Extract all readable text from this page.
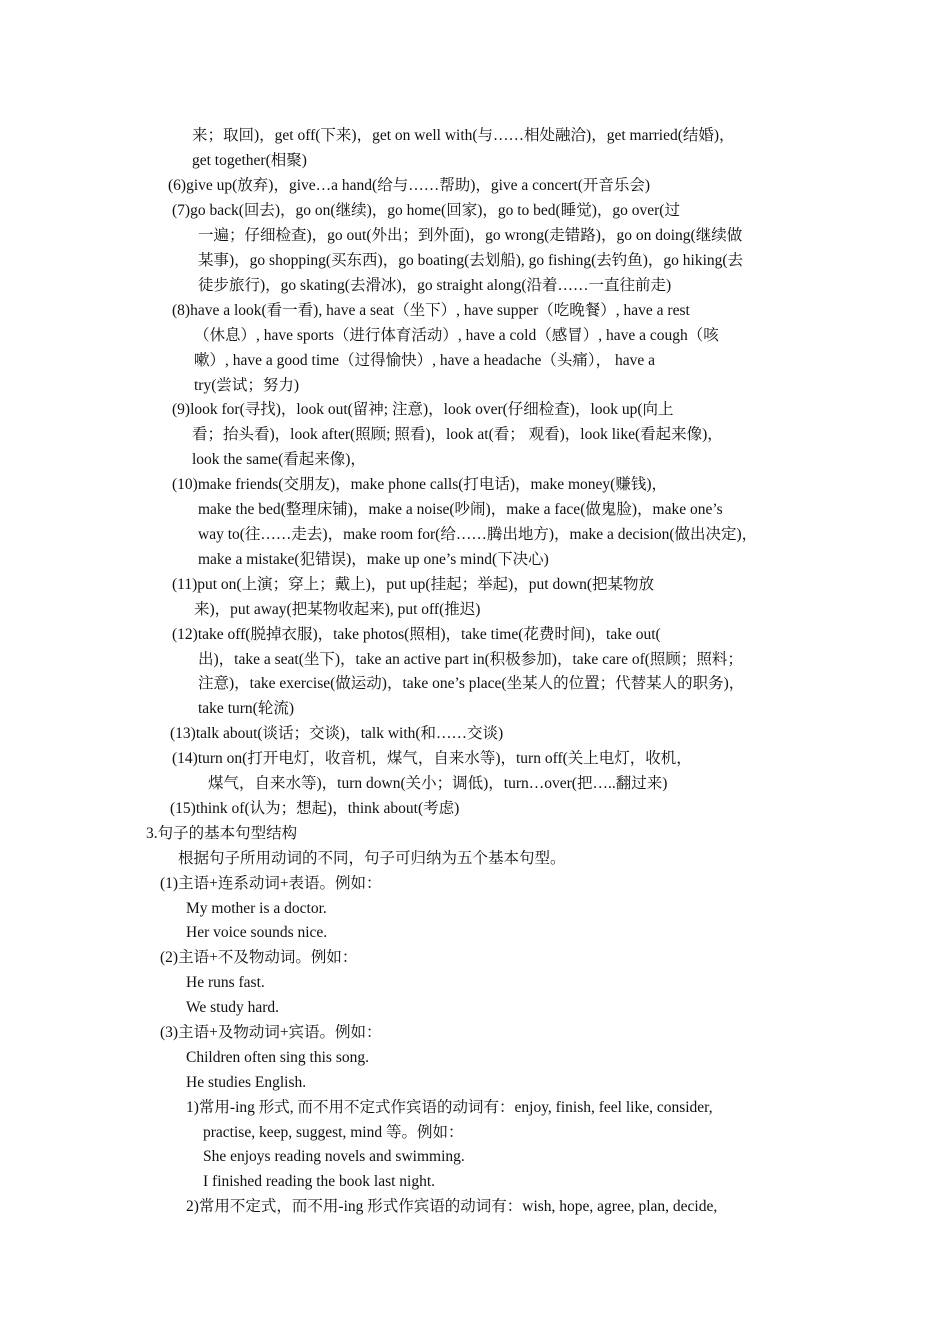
来；取回)，get off(下来)，get on well with(与……相处融洽)，get married(结婚)，
get together(相聚)
(6)give up(放弃)，give…a hand(给与……帮助)，give a concert(开音乐会)
(7)go back(回去)，go on(继续)，go home(回家)，go to bed(睡觉)，go over(过
一遍；仔细检查)，go out(外出；到外面)，go wrong(走错路)，go on doing(继续做
某事)，go shopping(买东西)，go boating(去划船), go fishing(去钓鱼)，go hiking(去
徒步旅行)，go skating(去滑冰)，go straight along(沿着……一直往前走)
(8)have a look(看一看), have a seat（坐下）, have supper（吃晚餐）, have a rest
（休息）, have sports（进行体育活动）, have a cold（感冒）, have a cough（咳
嗽）, have a good time（过得愉快）, have a headache（头痛）， have a
try(尝试；努力)
(9)look for(寻找)，look out(留神; 注意)，look over(仔细检查)，look up(向上
看；抬头看)，look after(照顾; 照看)，look at(看； 观看)，look like(看起来像)，
look the same(看起来像)，
(10)make friends(交朋友)，make phone calls(打电话)，make money(赚钱)，
make the bed(整理床铺)，make a noise(吵闹)，make a face(做鬼脸)，make one’s
way to(往……走去)，make room for(给……腾出地方)，make a decision(做出决定)，
make a mistake(犯错误)，make up one’s mind(下决心)
(11)put on(上演；穿上；戴上)，put up(挂起；举起)，put down(把某物放
来)，put away(把某物收起来), put off(推迟)
(12)take off(脱掉衣服)，take photos(照相)，take time(花费时间)，take out(
出)，take a seat(坐下)，take an active part in(积极参加)，take care of(照顾；照料；
注意)，take exercise(做运动)，take one’s place(坐某人的位置；代替某人的职务)，
take turn(轮流)
(13)talk about(谈话；交谈)，talk with(和……交谈)
(14)turn on(打开电灯，收音机，煤气，自来水等)，turn off(关上电灯，收机，
煤气，自来水等)，turn down(关小；调低)，turn…over(把…..翻过来)
(15)think of(认为；想起)，think about(考虑)
3.句子的基本句型结构
根据句子所用动词的不同，句子可归纳为五个基本句型。
(1)主语+连系动词+表语。例如：
My mother is a doctor.
Her voice sounds nice.
(2)主语+不及物动词。例如：
He runs fast.
We study hard.
(3)主语+及物动词+宾语。例如：
Children often sing this song.
He studies English.
1)常用-ing 形式, 而不用不定式作宾语的动词有：enjoy, finish, feel like, consider,
practise, keep, suggest, mind 等。例如：
She enjoys reading novels and swimming.
I finished reading the book last night.
2)常用不定式，而不用-ing 形式作宾语的动词有：wish, hope, agree, plan, decide,
